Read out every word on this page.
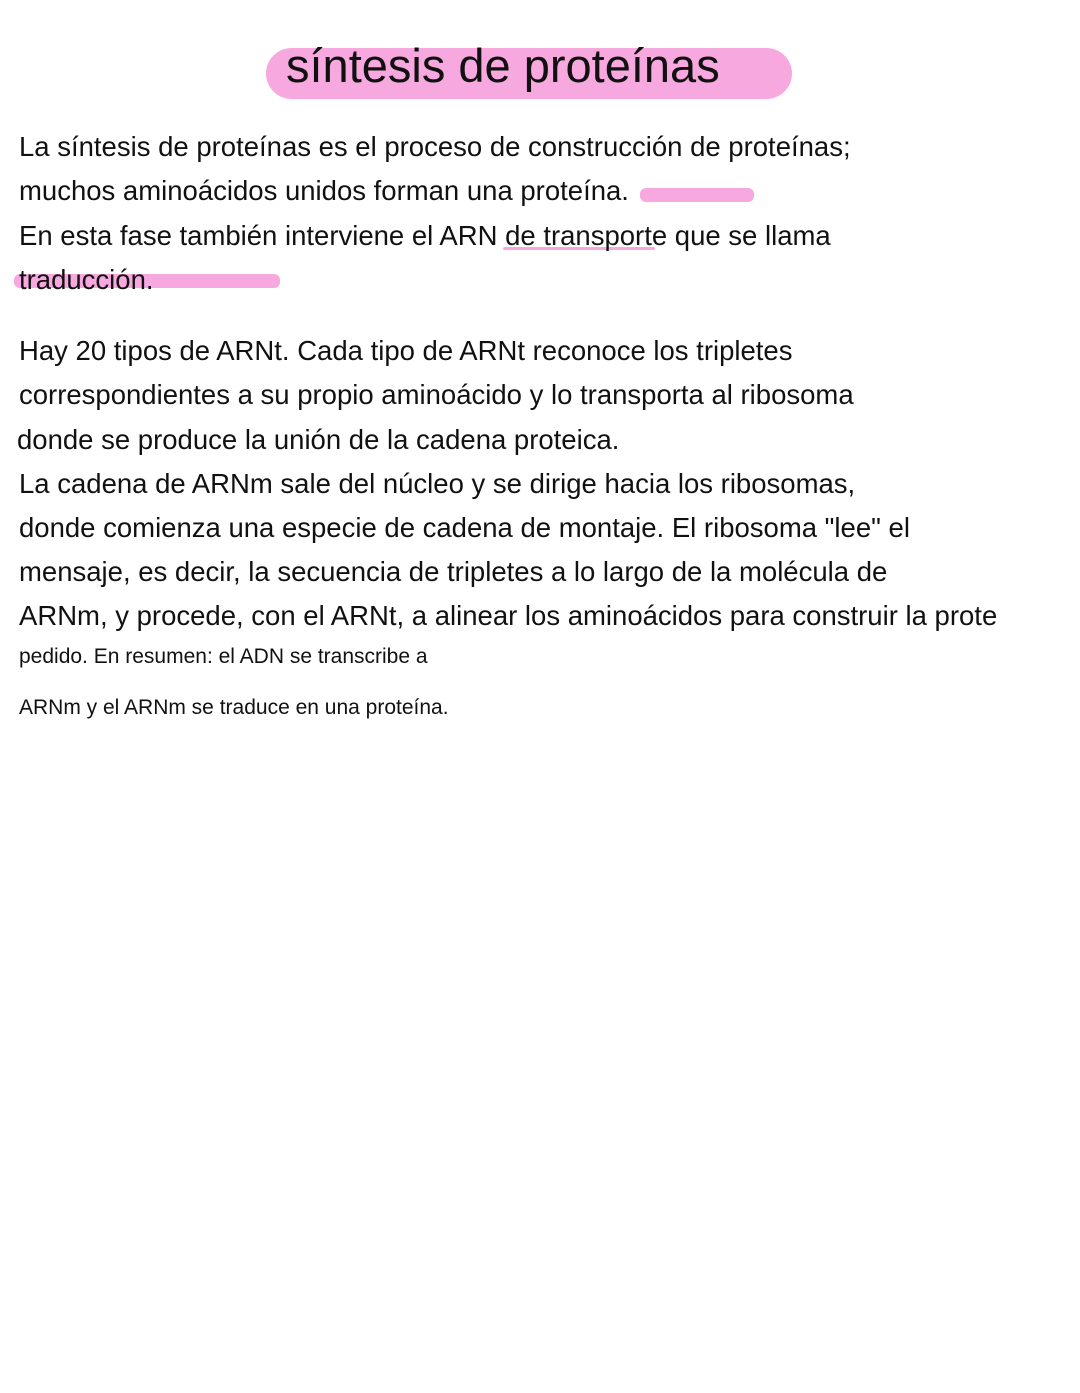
síntesis de proteínas
La síntesis de proteínas es el proceso de construcción de proteínas;
muchos aminoácidos unidos forman una proteína.
En esta fase también interviene el ARN de transporte que se llama
traducción.
Hay 20 tipos de ARNt. Cada tipo de ARNt reconoce los tripletes
correspondientes a su propio aminoácido y lo transporta al ribosoma
donde se produce la unión de la cadena proteica.
La cadena de ARNm sale del núcleo y se dirige hacia los ribosomas,
donde comienza una especie de cadena de montaje. El ribosoma "lee" el
mensaje, es decir, la secuencia de tripletes a lo largo de la molécula de
ARNm, y procede, con el ARNt, a alinear los aminoácidos para construir la prote
pedido. En resumen: el ADN se transcribe a
ARNm y el ARNm se traduce en una proteína.
